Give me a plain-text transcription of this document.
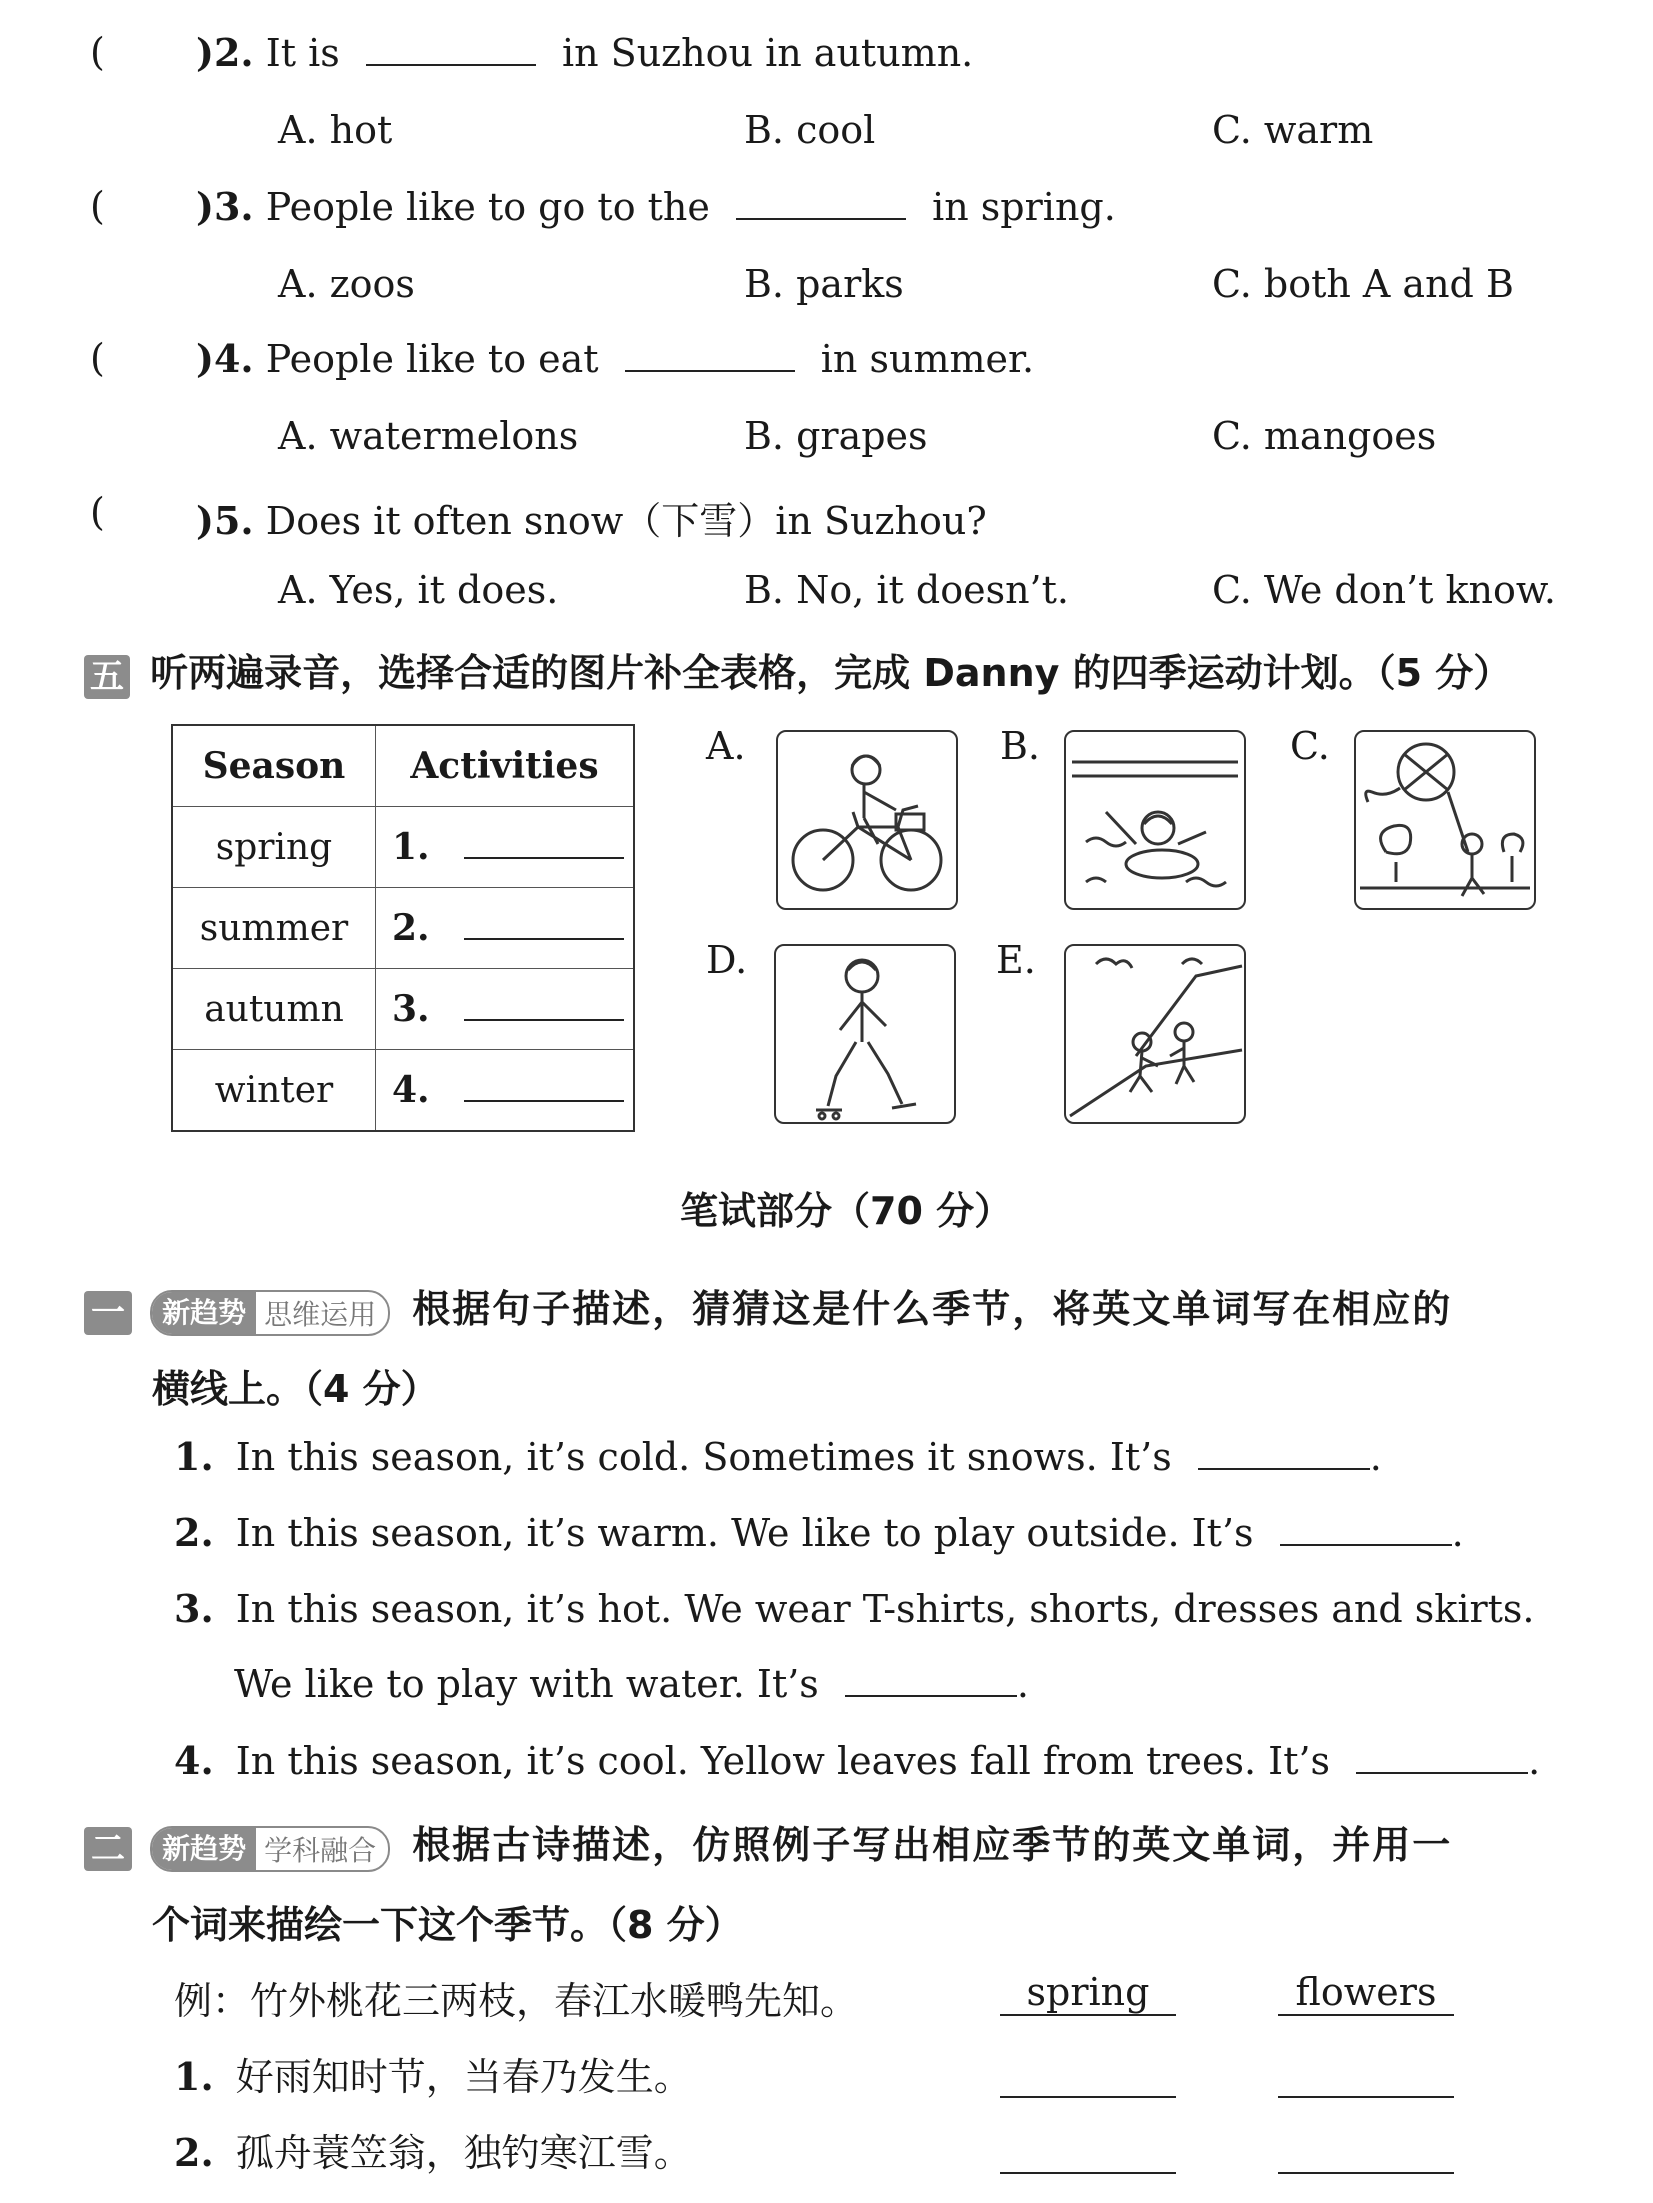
( )2. It is	in Suzhou in autumn.
A. hot	B. cool	C. warm
( )3. People like to go to the	in spring.
A. zoos	B. parks	C. both A and B
( )4. People like to eat	in summer.
A. watermelons	B. grapes	C. mangoes
( )5. Does it often snow（下雪）in Suzhou?
A. Yes, it does.	B. No, it doesn’t.	C. We don’t know.
五 听两遍录音，选择合适的图片补全表格，完成 Danny 的四季运动计划。（5 分）
Season	Activities
spring	1.
summer	2.
autumn	3.
winter	4.
A.	B.	C.
D.	E.
笔试部分（70 分）
一	新趋势 思维运用 根据句子描述，猜猜这是什么季节，将英文单词写在相应的
横线上。（4 分）
1. In this season, it’s cold. Sometimes it snows. It’s	.
2. In this season, it’s warm. We like to play outside. It’s	.
3. In this season, it’s hot. We wear T-shirts, shorts, dresses and skirts.
We like to play with water. It’s	.
4. In this season, it’s cool. Yellow leaves fall from trees. It’s	.
二	新趋势 学科融合 根据古诗描述，仿照例子写出相应季节的英文单词，并用一
个词来描绘一下这个季节。（8 分）
例：竹外桃花三两枝，春江水暖鸭先知。	spring	flowers
1. 好雨知时节，当春乃发生。
2. 孤舟蓑笠翁，独钓寒江雪。
